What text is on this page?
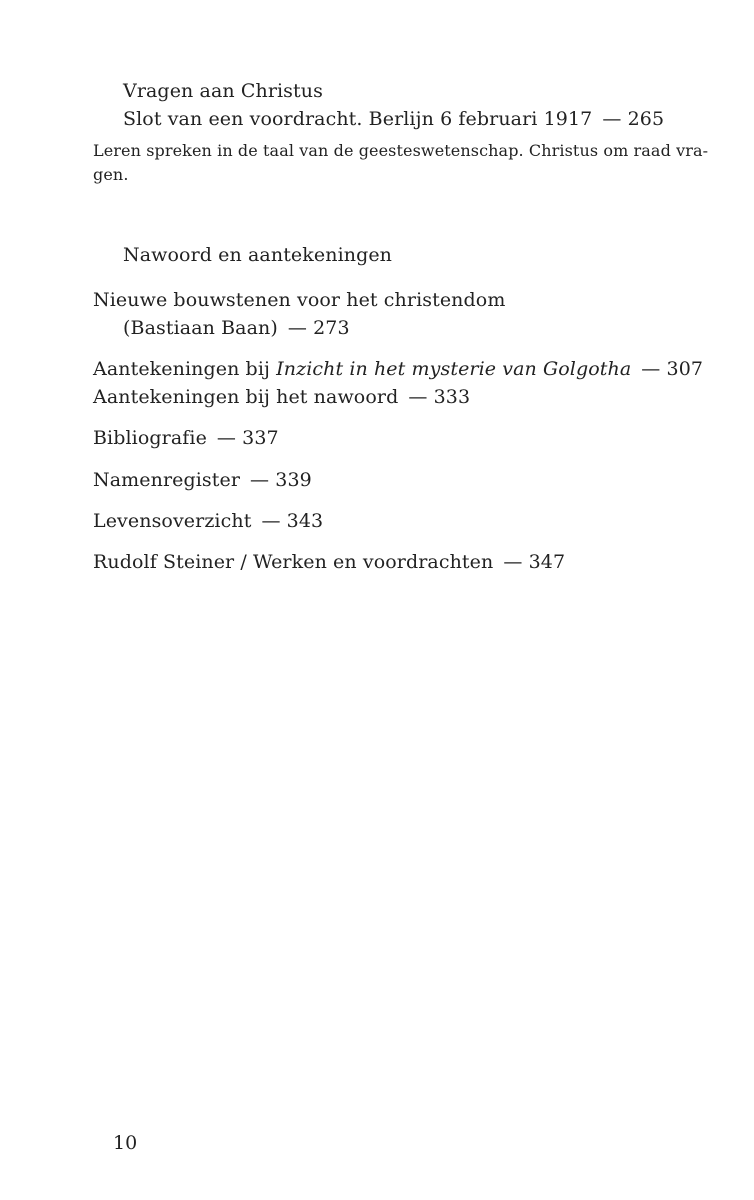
Vragen aan Christus
Slot van een voordracht. Berlijn 6 februari 1917 — 265
Leren spreken in de taal van de geesteswetenschap. Christus om raad vra-
gen.
Nawoord en aantekeningen
Nieuwe bouwstenen voor het christendom
(Bastiaan Baan) — 273
Aantekeningen bij Inzicht in het mysterie van Golgotha — 307
Aantekeningen bij het nawoord — 333
Bibliografie — 337
Namenregister — 339
Levensoverzicht — 343
Rudolf Steiner / Werken en voordrachten — 347
10
